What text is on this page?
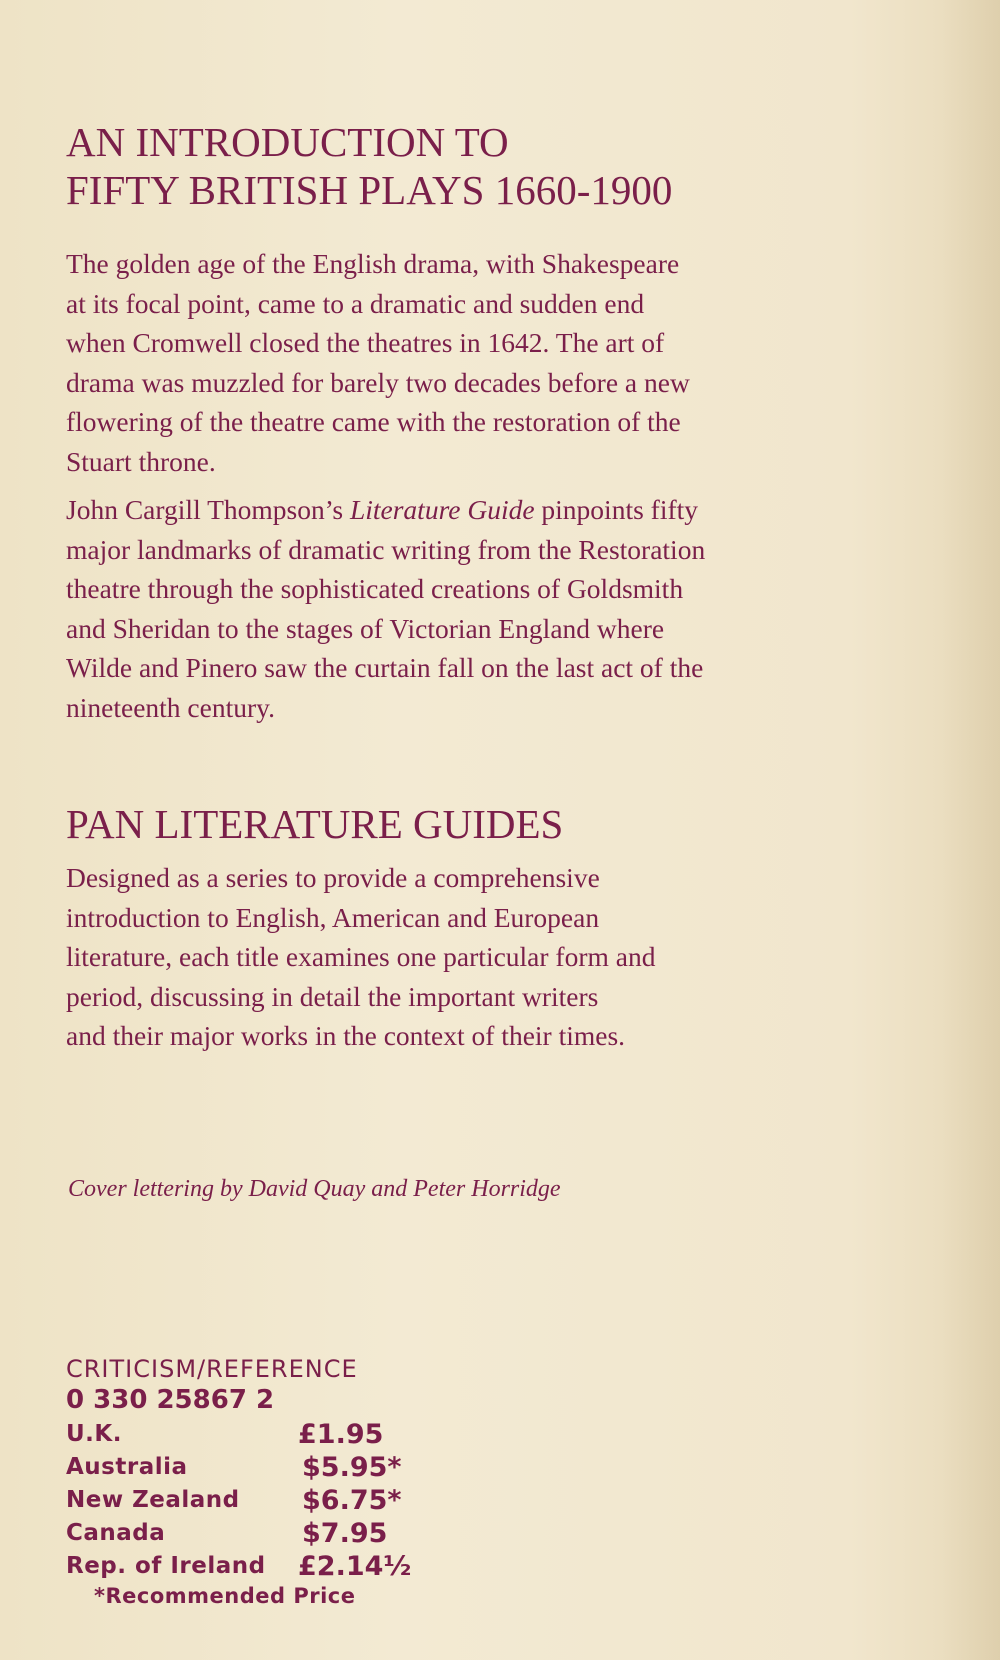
AN INTRODUCTION TO
FIFTY BRITISH PLAYS 1660-1900

The golden age of the English drama, with Shakespeare

at its focal point, came to a dramatic and sudden end

when Cromwell closed the theatres in 1642. The art of

drama was muzzled for barely two decades before a new

flowering of the theatre came with the restoration of the

Stuart throne.

John Cargill Thompson’s Literature Guide pinpoints fifty

major landmarks of dramatic writing from the Restoration

theatre through the sophisticated creations of Goldsmith

and Sheridan to the stages of Victorian England where

Wilde and Pinero saw the curtain fall on the last act of the

nineteenth century.

PAN LITERATURE GUIDES

Designed as a series to provide a comprehensive
introduction to English, American and European
literature, each title examines one particular form and
period, discussing in detail the important writers
and their major works in the context of their times.

Cover lettering by David Quay and Peter Horridge

CRITICISM/REFERENCE

0 330 25867 2

U.K.	£1.95
Australia	$5.95*
New Zealand $6.75*
Canada	$7.95
Rep. of Ireland £2.14½

*Recommended Price
